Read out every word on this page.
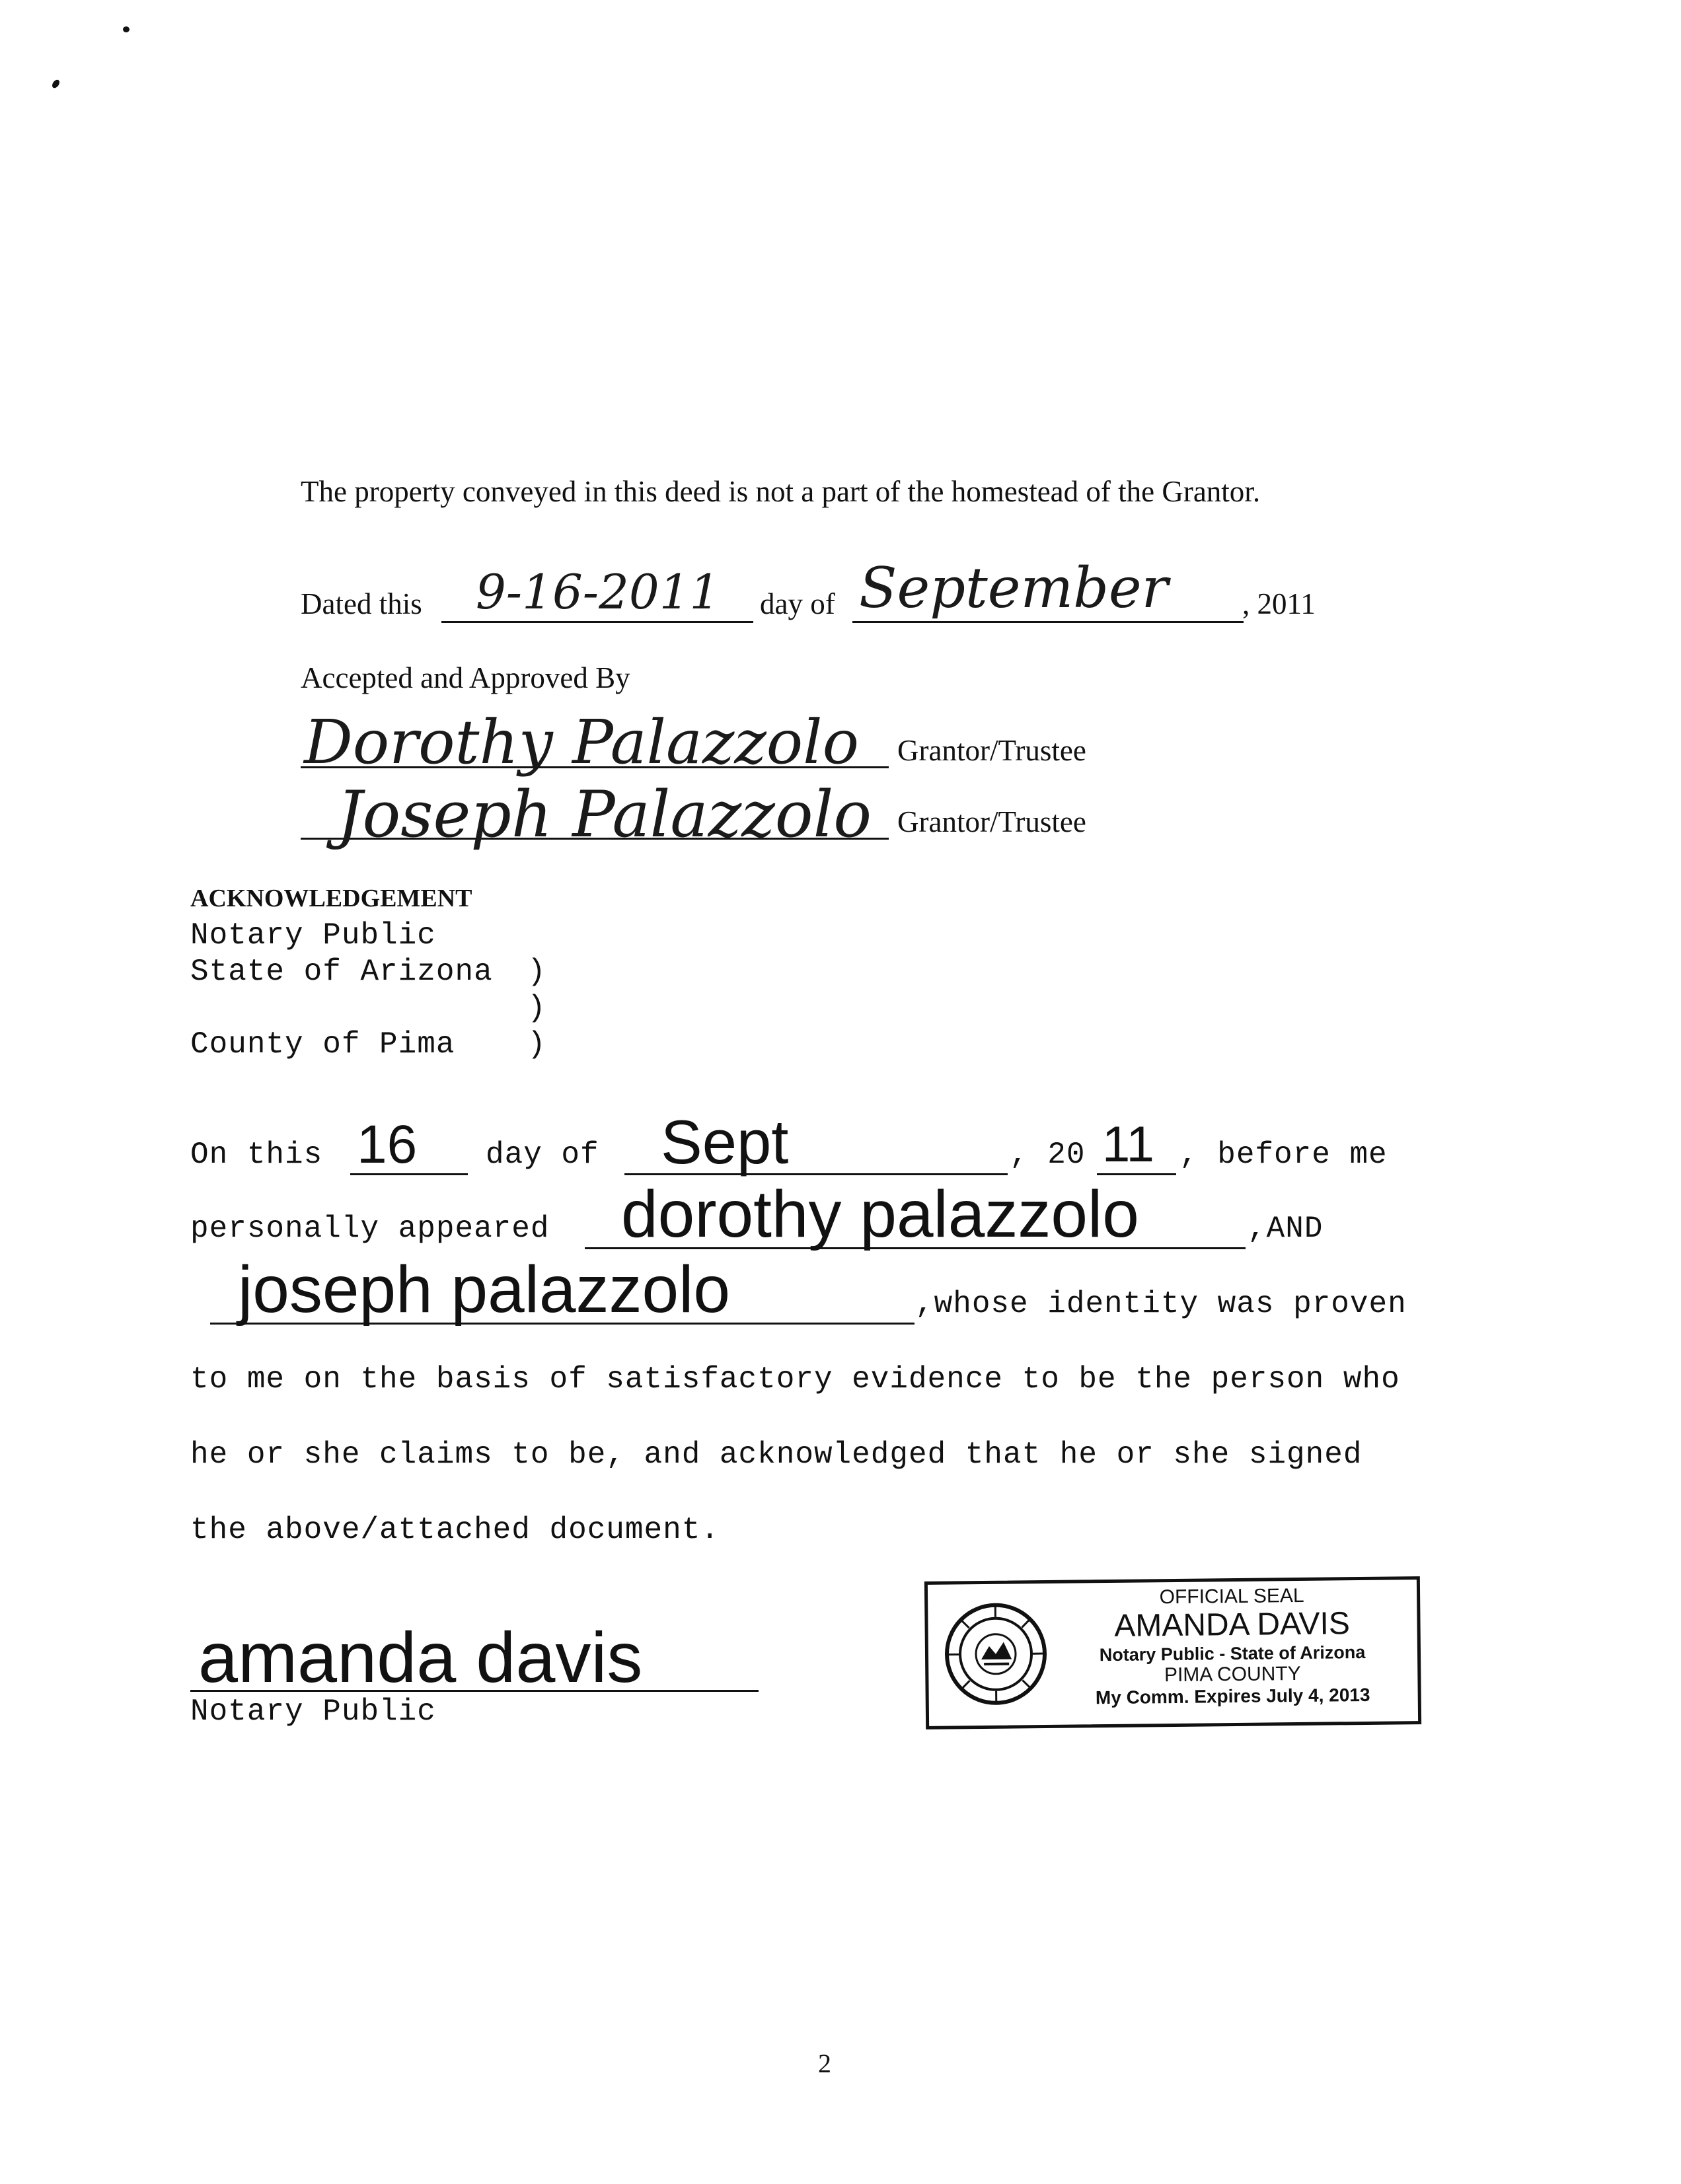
The property conveyed in this deed is not a part of the homestead of the Grantor.
Dated this 9-16-2011 day of September , 2011
Accepted and Approved By
Dorothy Palazzolo Grantor/Trustee
Joseph Palazzolo Grantor/Trustee
ACKNOWLEDGEMENT
Notary Public
State of Arizona )
)
County of Pima )
On this 16 day of Sept	, 20 11 , before me
personally appeared dorothy palazzolo	,AND
joseph palazzolo	,whose identity was proven
to me on the basis of satisfactory evidence to be the person who
he or she claims to be, and acknowledged that he or she signed
the above/attached document.
amanda davis
Notary Public
OFFICIAL SEAL
AMANDA DAVIS
Notary Public - State of Arizona
PIMA COUNTY
My Comm. Expires July 4, 2013
2
